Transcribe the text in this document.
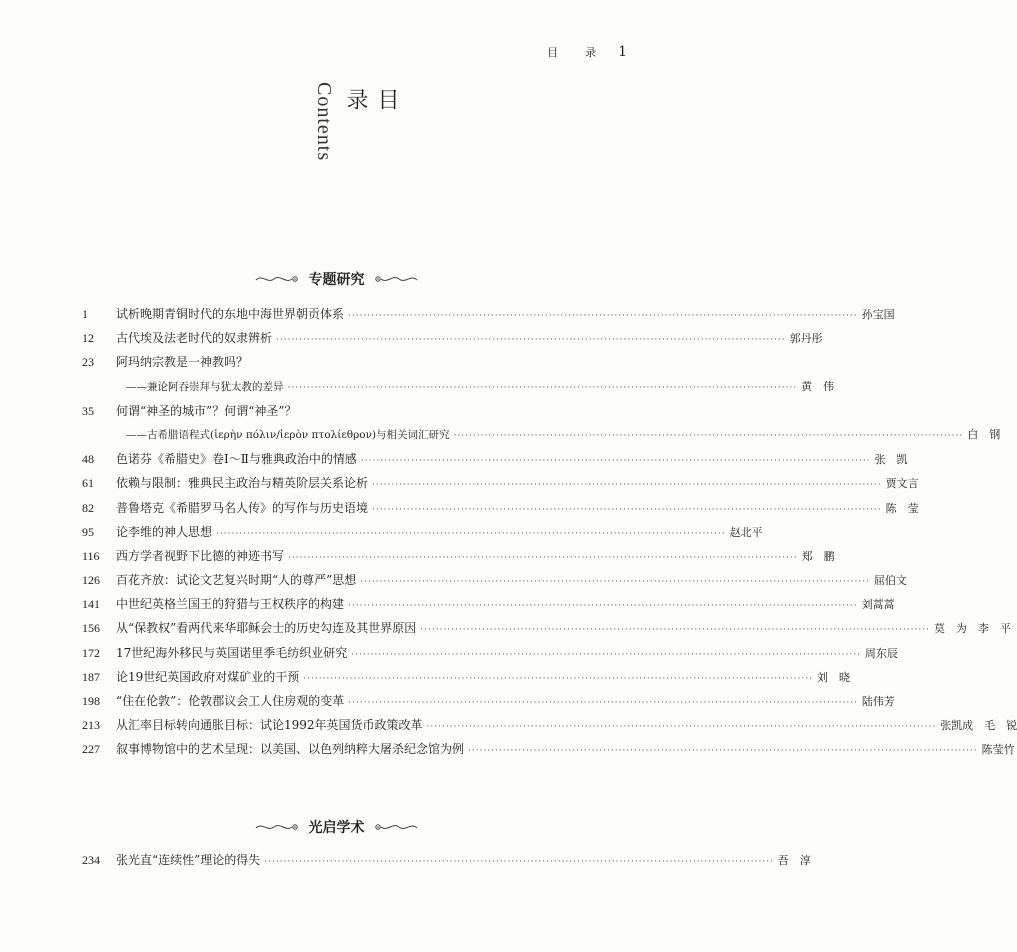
目　录 1
Contents	目录
专题研究
1	试析晚期青铜时代的东地中海世界朝贡体系 ·····	孙宝国
12	古代埃及法老时代的奴隶辨析 ·····	郭丹彤
23	阿玛纳宗教是一神教吗？
——兼论阿吞崇拜与犹太教的差异 ·····	黄　伟
35	何谓“神圣的城市”？何谓“神圣”？
——古希腊语程式(ἱερὴν πόλιν/ἱερὸν πτολίεθρον)与相关词汇研究 ·····	白　钢
48	色诺芬《希腊史》卷Ⅰ～Ⅱ与雅典政治中的情感 ·····	张　凯
61	依赖与限制：雅典民主政治与精英阶层关系论析 ·····	贾文言
82	普鲁塔克《希腊罗马名人传》的写作与历史语境 ·····	陈　莹
95	论李维的神人思想 ·····	赵北平
116	西方学者视野下比德的神迹书写 ·····	郑　鹏
126	百花齐放：试论文艺复兴时期“人的尊严”思想 ·····	屈伯文
141	中世纪英格兰国王的狩猎与王权秩序的构建 ·····	刘蒿蒿
156	从“保教权”看两代来华耶稣会士的历史勾连及其世界原因 ·····	莫　为　李　平
172	17世纪海外移民与英国诺里季毛纺织业研究 ·····	周东辰
187	论19世纪英国政府对煤矿业的干预 ·····	刘　晓
198	“住在伦敦”：伦敦郡议会工人住房观的变革 ·····	陆伟芳
213	从汇率目标转向通胀目标：试论1992年英国货币政策改革 ·····	张凯成　毛　锐
227	叙事博物馆中的艺术呈现：以美国、以色列纳粹大屠杀纪念馆为例 ·····	陈莹竹
光启学术
234	张光直“连续性”理论的得失 ·····	吾　淳
